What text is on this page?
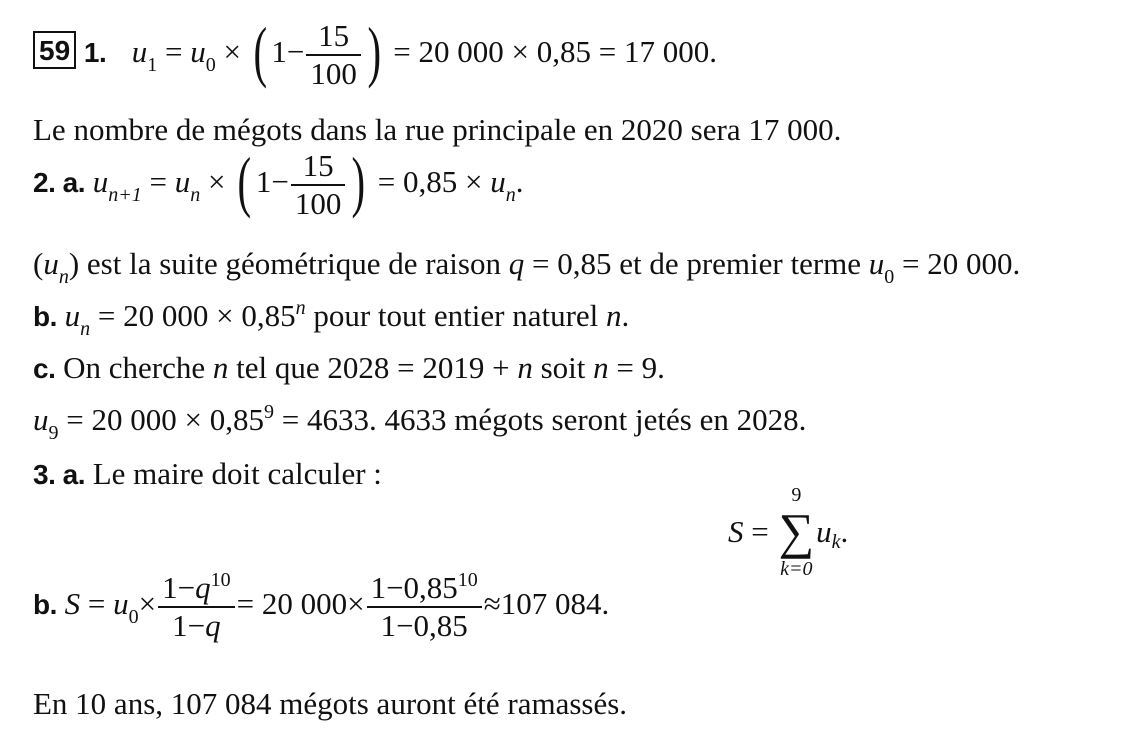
59 1. $u_1 = u_0$ × ( $1- \frac{15}{100}$ ) = 20 000 × 0,85 = 17 000.
Le nombre de mégots dans la rue principale en 2020 sera 17 000.
2. a. $u_{n+1} = u_n$ × ( $1- \frac{15}{100}$ ) = $0,85 \times u_n$.
$(u_n)$ est la suite géométrique de raison q = 0,85 et de premier terme $u_0 = 20$ 000.
b. $u_n = 20$ $000 \times 0,85^n$ pour tout entier naturel n.
c. On cherche n tel que 2028 = 2019 + n soit n = 9.
$u_9 = 20$ $000 \times 0,85^9 = 4633$. 4633 mégots seront jetés en 2028.
3. a. Le maire doit calculer :
S =
9
∑
k=0
$u_k$.
b. $S = u_0\times \frac{1-q^{10}}{1-q} = 20$ $000\times \frac{1-0,85^{10}}{1-0,85} \approx 107$ 084.
En 10 ans, 107 084 mégots auront été ramassés.
